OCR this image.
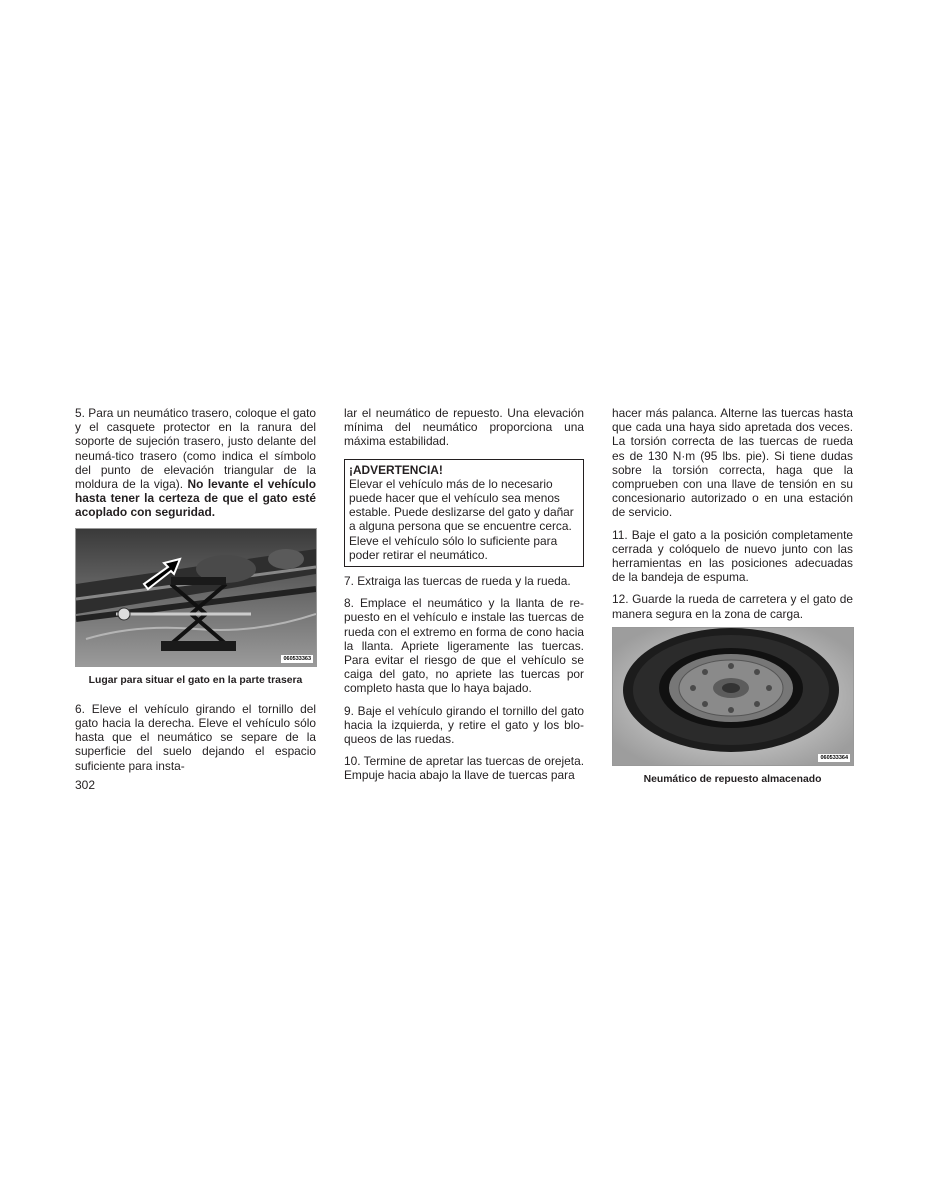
5. Para un neumático trasero, coloque el gato y el casquete protector en la ranura del soporte de sujeción trasero, justo delante del neumá-tico trasero (como indica el símbolo del punto de elevación triangular de la moldura de la viga). No levante el vehículo hasta tener la certeza de que el gato esté acoplado con seguridad.

060533363
Lugar para situar el gato en la parte trasera

6. Eleve el vehículo girando el tornillo del gato hacia la derecha. Eleve el vehículo sólo hasta que el neumático se separe de la superficie del suelo dejando el espacio suficiente para insta-

lar el neumático de repuesto. Una elevación mínima del neumático proporciona una máxima estabilidad.

¡ADVERTENCIA!

Elevar el vehículo más de lo necesario puede hacer que el vehículo sea menos estable. Puede deslizarse del gato y dañar a alguna persona que se encuentre cerca. Eleve el vehículo sólo lo suficiente para poder retirar el neumático.

7. Extraiga las tuercas de rueda y la rueda.

8. Emplace el neumático y la llanta de re-puesto en el vehículo e instale las tuercas de rueda con el extremo en forma de cono hacia la llanta. Apriete ligeramente las tuercas. Para evitar el riesgo de que el vehículo se caiga del gato, no apriete las tuercas por completo hasta que lo haya bajado.

9. Baje el vehículo girando el tornillo del gato hacia la izquierda, y retire el gato y los blo-queos de las ruedas.

10. Termine de apretar las tuercas de orejeta. Empuje hacia abajo la llave de tuercas para

hacer más palanca. Alterne las tuercas hasta que cada una haya sido apretada dos veces. La torsión correcta de las tuercas de rueda es de 130 N·m (95 lbs. pie). Si tiene dudas sobre la torsión correcta, haga que la comprueben con una llave de tensión en su concesionario autorizado o en una estación de servicio.

11. Baje el gato a la posición completamente cerrada y colóquelo de nuevo junto con las herramientas en las posiciones adecuadas de la bandeja de espuma.

12. Guarde la rueda de carretera y el gato de manera segura en la zona de carga.

060533364
Neumático de repuesto almacenado
302
